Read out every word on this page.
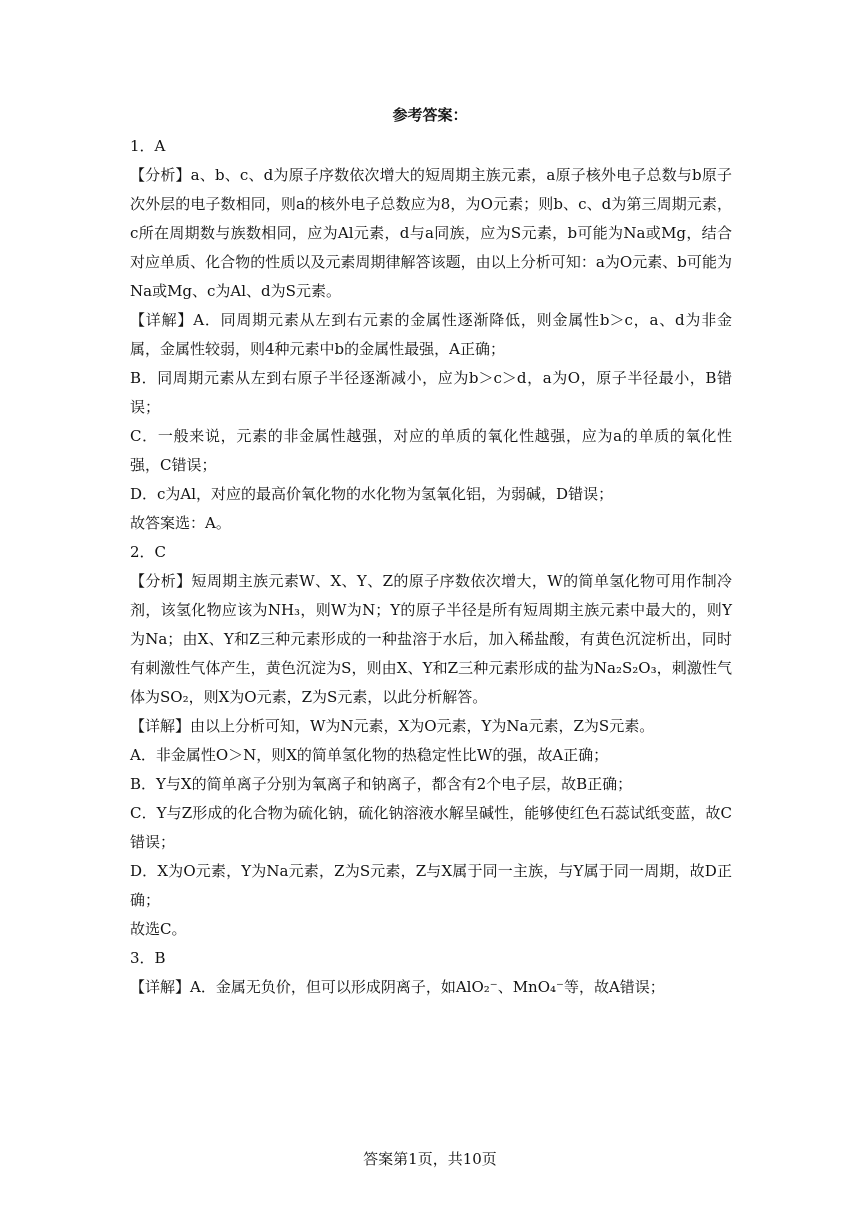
参考答案：

1．A

【分析】a、b、c、d为原子序数依次增大的短周期主族元素，a原子核外电子总数与b原子次外层的电子数相同，则a的核外电子总数应为8，为O元素；则b、c、d为第三周期元素，c所在周期数与族数相同，应为Al元素，d与a同族，应为S元素，b可能为Na或Mg，结合对应单质、化合物的性质以及元素周期律解答该题，由以上分析可知：a为O元素、b可能为Na或Mg、c为Al、d为S元素。

【详解】A．同周期元素从左到右元素的金属性逐渐降低，则金属性b＞c，a、d为非金属，金属性较弱，则4种元素中b的金属性最强，A正确；

B．同周期元素从左到右原子半径逐渐减小，应为b＞c＞d，a为O，原子半径最小，B错误；

C．一般来说，元素的非金属性越强，对应的单质的氧化性越强，应为a的单质的氧化性强，C错误；

D．c为Al，对应的最高价氧化物的水化物为氢氧化铝，为弱碱，D错误；

故答案选：A。

2．C

【分析】短周期主族元素W、X、Y、Z的原子序数依次增大，W的简单氢化物可用作制冷剂，该氢化物应该为NH₃，则W为N；Y的原子半径是所有短周期主族元素中最大的，则Y为Na；由X、Y和Z三种元素形成的一种盐溶于水后，加入稀盐酸，有黄色沉淀析出，同时有刺激性气体产生，黄色沉淀为S，则由X、Y和Z三种元素形成的盐为Na₂S₂O₃，刺激性气体为SO₂，则X为O元素，Z为S元素，以此分析解答。

【详解】由以上分析可知，W为N元素，X为O元素，Y为Na元素，Z为S元素。

A．非金属性O＞N，则X的简单氢化物的热稳定性比W的强，故A正确；

B．Y与X的简单离子分别为氧离子和钠离子，都含有2个电子层，故B正确；

C．Y与Z形成的化合物为硫化钠，硫化钠溶液水解呈碱性，能够使红色石蕊试纸变蓝，故C错误；

D．X为O元素，Y为Na元素，Z为S元素，Z与X属于同一主族，与Y属于同一周期，故D正确；

故选C。

3．B

【详解】A．金属无负价，但可以形成阴离子，如AlO₂⁻、MnO₄⁻等，故A错误；

答案第1页，共10页
